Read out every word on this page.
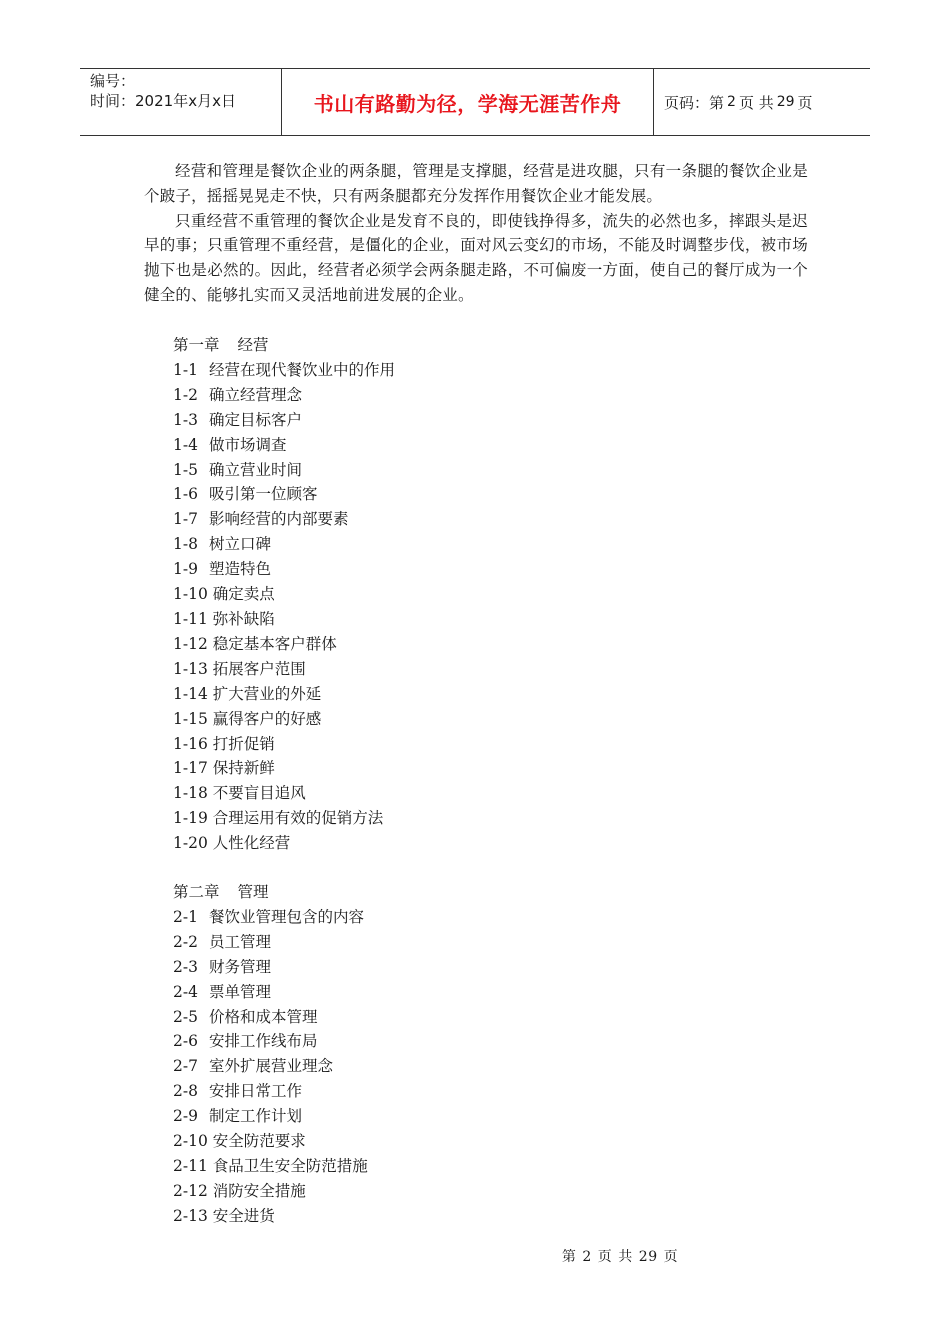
编号：
时间：2021年x月x日	书山有路勤为径，学海无涯苦作舟	页码：第 2 页 共 29 页

经营和管理是餐饮企业的两条腿，管理是支撑腿，经营是进攻腿，只有一条腿的餐饮企业是个跛子，摇摇晃晃走不快，只有两条腿都充分发挥作用餐饮企业才能发展。

只重经营不重管理的餐饮企业是发育不良的，即使钱挣得多，流失的必然也多，摔跟头是迟早的事；只重管理不重经营，是僵化的企业，面对风云变幻的市场，不能及时调整步伐，被市场抛下也是必然的。因此，经营者必须学会两条腿走路，不可偏废一方面，使自己的餐厅成为一个健全的、能够扎实而又灵活地前进发展的企业。

第一章 经营

1-1 经营在现代餐饮业中的作用
1-2 确立经营理念
1-3 确定目标客户
1-4 做市场调查
1-5 确立营业时间
1-6 吸引第一位顾客
1-7 影响经营的内部要素
1-8 树立口碑
1-9 塑造特色
1-10 确定卖点
1-11 弥补缺陷
1-12 稳定基本客户群体
1-13 拓展客户范围
1-14 扩大营业的外延
1-15 赢得客户的好感
1-16 打折促销
1-17 保持新鲜
1-18 不要盲目追风
1-19 合理运用有效的促销方法
1-20 人性化经营

第二章 管理

2-1 餐饮业管理包含的内容
2-2 员工管理
2-3 财务管理
2-4 票单管理
2-5 价格和成本管理
2-6 安排工作线布局
2-7 室外扩展营业理念
2-8 安排日常工作
2-9 制定工作计划
2-10 安全防范要求
2-11 食品卫生安全防范措施
2-12 消防安全措施
2-13 安全进货
第 2 页 共 29 页
